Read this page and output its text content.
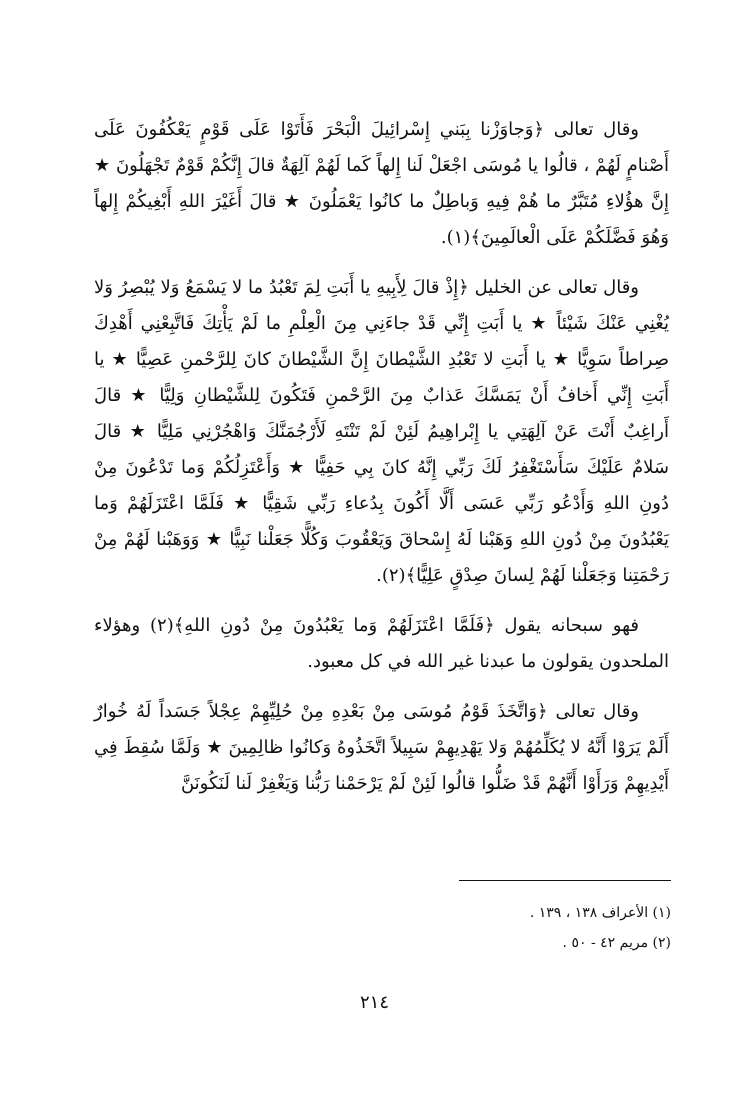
وقال تعالى ﴿وَجاوَزْنا بِبَني إِسْرائِيلَ الْبَحْرَ فَأَتَوْا عَلَى قَوْمٍ يَعْكُفُونَ عَلَى أَصْنامٍ لَهُمْ ، قالُوا يا مُوسَى اجْعَلْ لَنا إِلهاً كَما لَهُمْ آلِهَةٌ قالَ إِنَّكُمْ قَوْمٌ تَجْهَلُونَ ★ إِنَّ هؤُلاءِ مُتَبَّرٌ ما هُمْ فِيهِ وَباطِلٌ ما كانُوا يَعْمَلُونَ ★ قالَ أَغَيْرَ اللهِ أَبْغِيكُمْ إِلهاً وَهُوَ فَضَّلَكُمْ عَلَى الْعالَمِينَ﴾(١).

وقال تعالى عن الخليل ﴿إِذْ قالَ لِأَبِيهِ يا أَبَتِ لِمَ تَعْبُدُ ما لا يَسْمَعُ وَلا يُبْصِرُ وَلا يُغْنِي عَنْكَ شَيْئاً ★ يا أَبَتِ إِنِّي قَدْ جاءَنِي مِنَ الْعِلْمِ ما لَمْ يَأْتِكَ فَاتَّبِعْنِي أَهْدِكَ صِراطاً سَوِيًّا ★ يا أَبَتِ لا تَعْبُدِ الشَّيْطانَ إِنَّ الشَّيْطانَ كانَ لِلرَّحْمنِ عَصِيًّا ★ يا أَبَتِ إِنِّي أَخافُ أَنْ يَمَسَّكَ عَذابٌ مِنَ الرَّحْمنِ فَتَكُونَ لِلشَّيْطانِ وَلِيًّا ★ قالَ أَراغِبٌ أَنْتَ عَنْ آلِهَتِي يا إِبْراهِيمُ لَئِنْ لَمْ تَنْتَهِ لَأَرْجُمَنَّكَ وَاهْجُرْنِي مَلِيًّا ★ قالَ سَلامٌ عَلَيْكَ سَأَسْتَغْفِرُ لَكَ رَبِّي إِنَّهُ كانَ بِي حَفِيًّا ★ وَأَعْتَزِلُكُمْ وَما تَدْعُونَ مِنْ دُونِ اللهِ وَأَدْعُو رَبِّي عَسَى أَلَّا أَكُونَ بِدُعاءِ رَبِّي شَقِيًّا ★ فَلَمَّا اعْتَزَلَهُمْ وَما يَعْبُدُونَ مِنْ دُونِ اللهِ وَهَبْنا لَهُ إِسْحاقَ وَيَعْقُوبَ وَكُلًّا جَعَلْنا نَبِيًّا ★ وَوَهَبْنا لَهُمْ مِنْ رَحْمَتِنا وَجَعَلْنا لَهُمْ لِسانَ صِدْقٍ عَلِيًّا﴾(٢).

فهو سبحانه يقول ﴿فَلَمَّا اعْتَزَلَهُمْ وَما يَعْبُدُونَ مِنْ دُونِ اللهِ﴾(٢) وهؤلاء الملحدون يقولون ما عبدنا غير الله في كل معبود.

وقال تعالى ﴿وَاتَّخَذَ قَوْمُ مُوسَى مِنْ بَعْدِهِ مِنْ حُلِيِّهِمْ عِجْلاً جَسَداً لَهُ خُوارٌ أَلَمْ يَرَوْا أَنَّهُ لا يُكَلِّمُهُمْ وَلا يَهْدِيهِمْ سَبِيلاً اتَّخَذُوهُ وَكانُوا ظالِمِينَ ★ وَلَمَّا سُقِطَ فِي أَيْدِيهِمْ وَرَأَوْا أَنَّهُمْ قَدْ ضَلُّوا قالُوا لَئِنْ لَمْ يَرْحَمْنا رَبُّنا وَيَغْفِرْ لَنا لَنَكُونَنَّ

(١) الأعراف ١٣٨ ، ١٣٩ .

(٢) مريم ٤٢ - ٥٠ .

٢١٤
